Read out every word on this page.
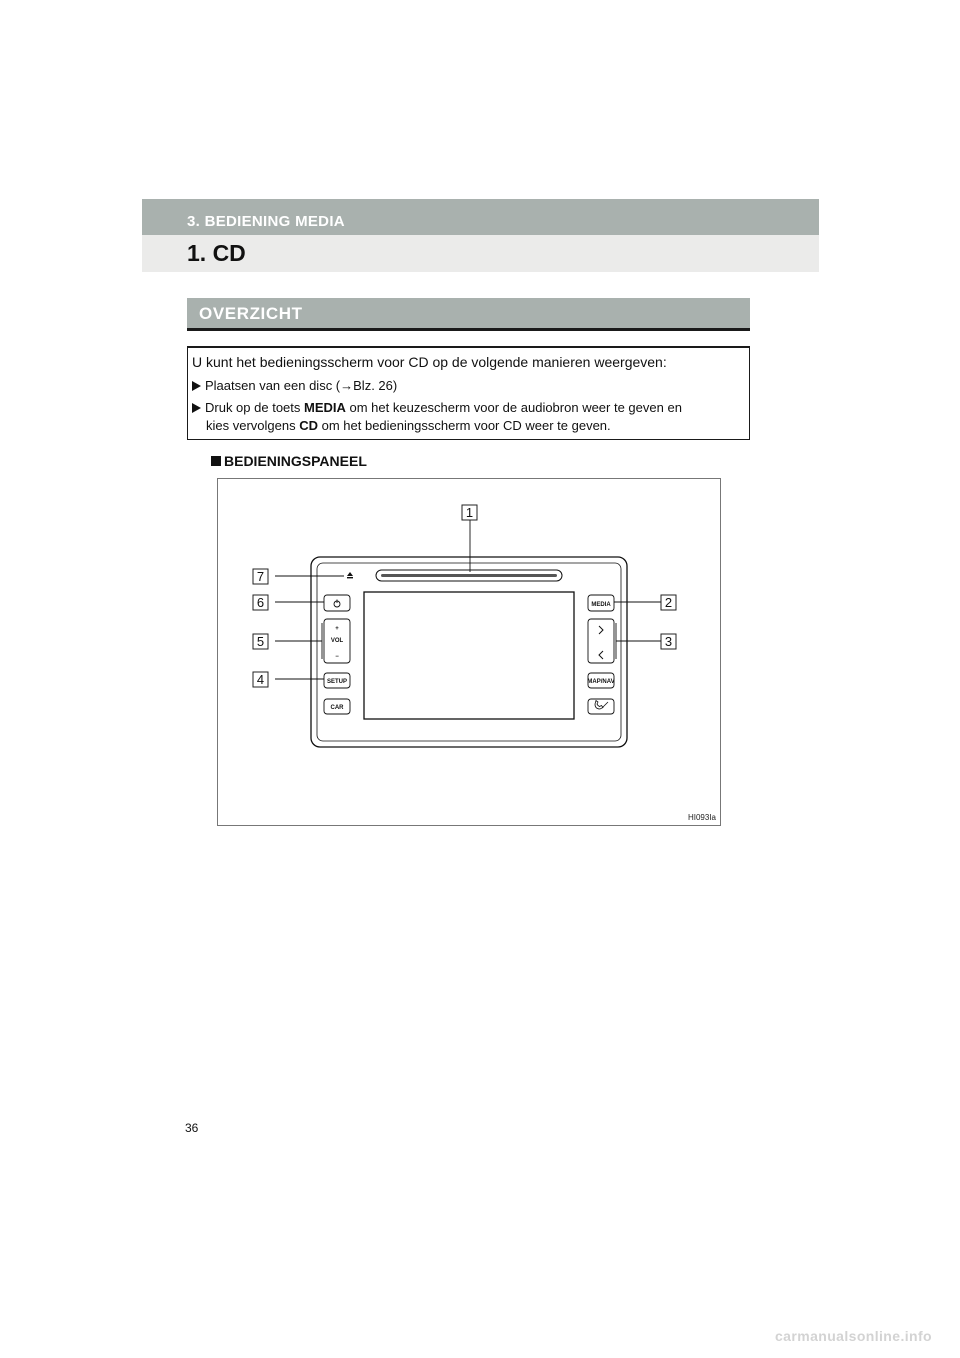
3. BEDIENING MEDIA
1. CD
OVERZICHT
U kunt het bedieningsscherm voor CD op de volgende manieren weergeven:
Plaatsen van een disc (→Blz. 26)
Druk op de toets MEDIA om het keuzescherm voor de audiobron weer te geven en
kies vervolgens CD om het bedieningsscherm voor CD weer te geven.
BEDIENINGSPANEEL
+
VOL
−
SETUP
CAR
MEDIA
MAP/NAV
1
2
3
4
5
6
7
HI093Ia
36
carmanualsonline.info
